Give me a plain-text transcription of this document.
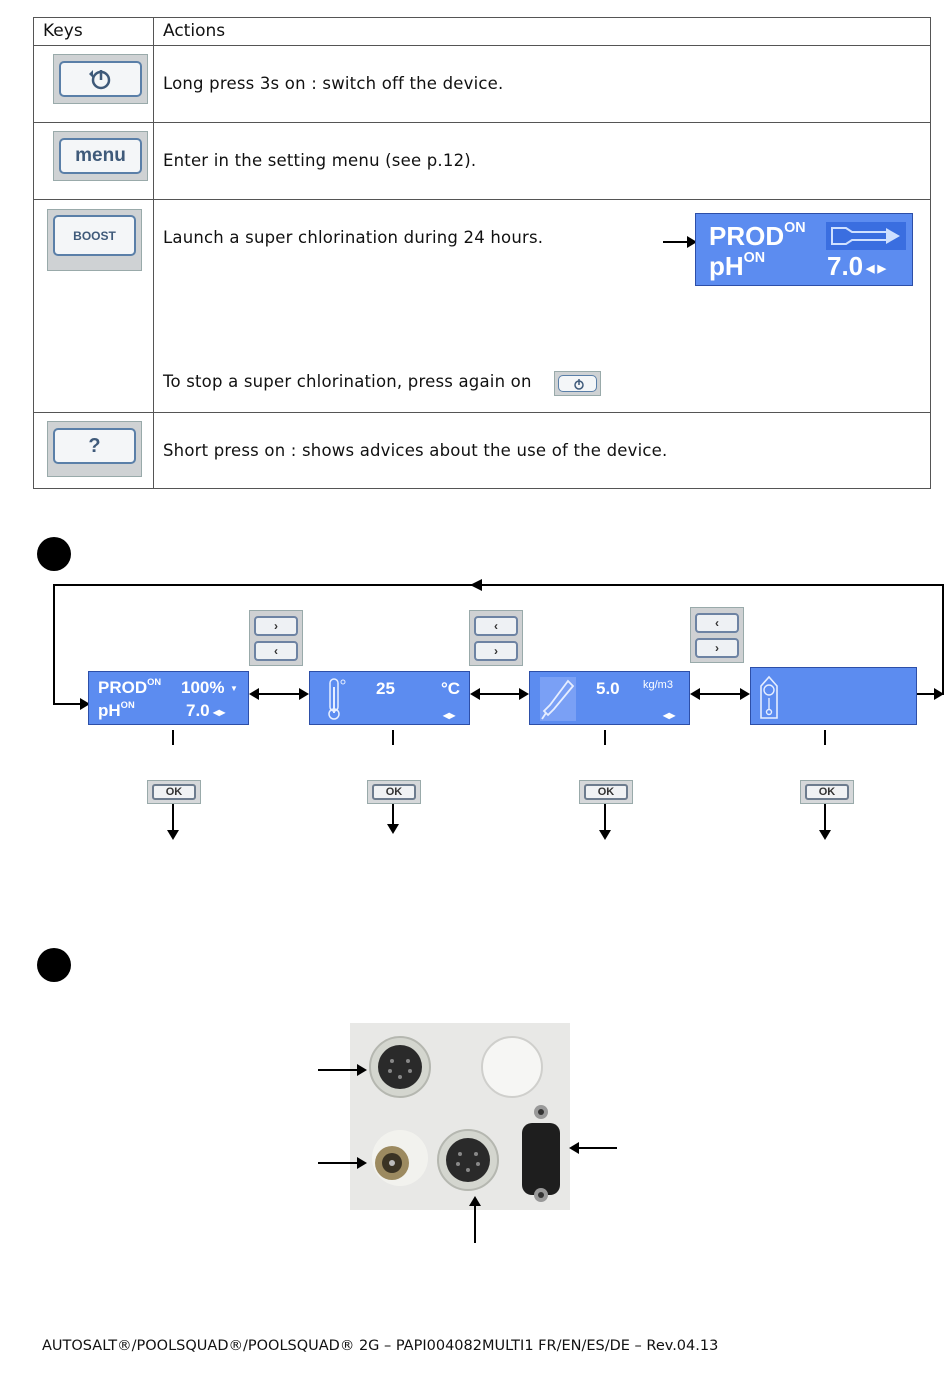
Keys	Actions
Long press 3s on : switch off the device.
menu	Enter in the setting menu (see p.12).
BOOST	Launch a super chlorination during 24 hours.
To stop a super chlorination, press again on
$PROD^{ON}$
$pH^{ON}$ 7.0 ◀ ▶
?	Short press on : shows advices about the use of the device.
›
‹
‹
›
‹
›
$PROD^{ON}$ 100% ▼
$pH^{ON}$	7.0 ◀▶
25	°C
◀▶
5.0 kg/m3
◀▶
OK	OK	OK	OK
AUTOSALT®/POOLSQUAD®/POOLSQUAD® 2G – PAPI004082MULTI1 FR/EN/ES/DE – Rev.04.13
